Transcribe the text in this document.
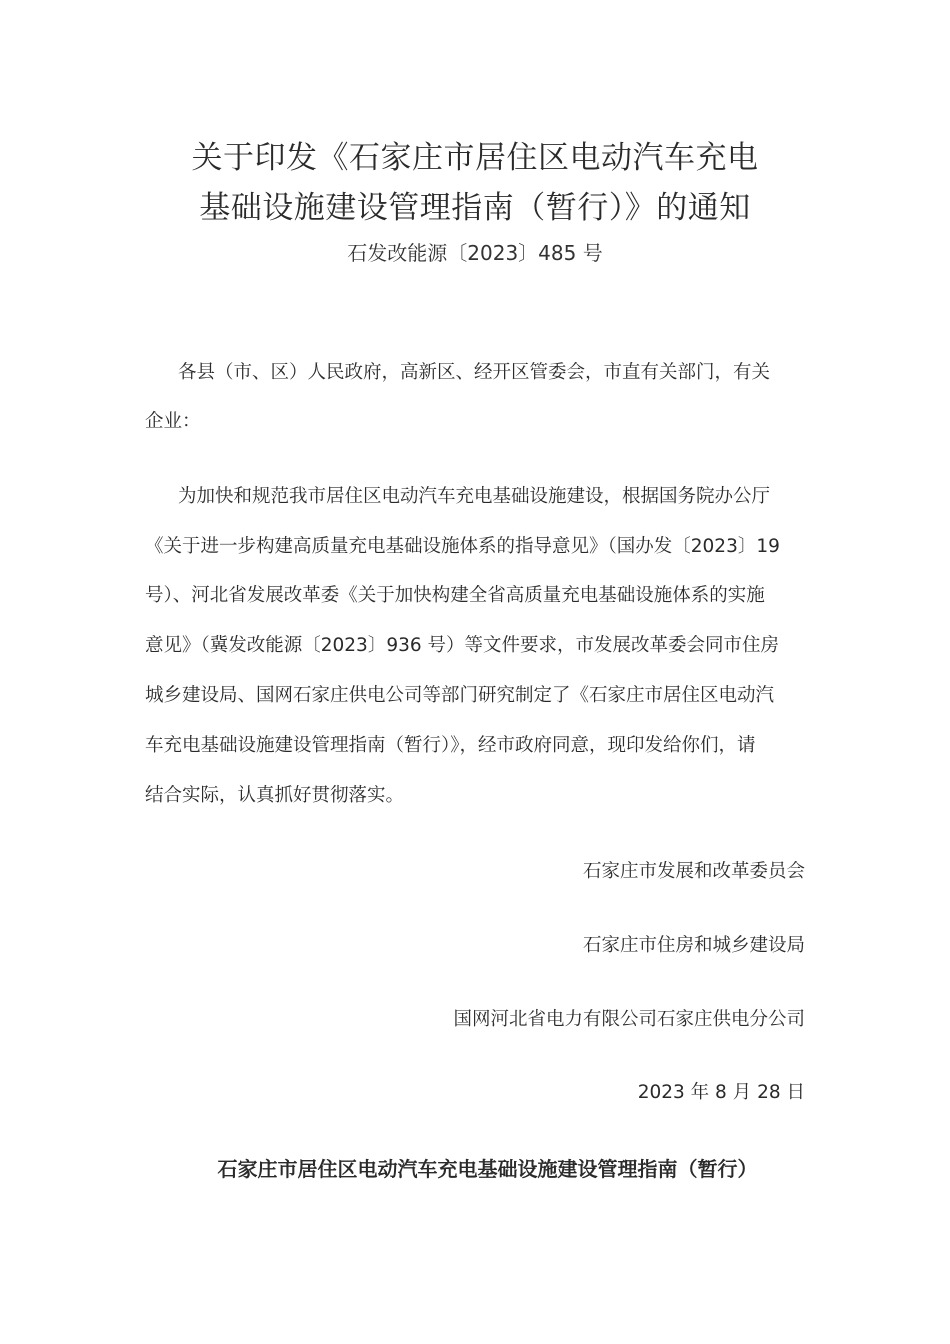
关于印发《石家庄市居住区电动汽车充电
基础设施建设管理指南（暂行）》的通知
石发改能源〔2023〕485 号
各县（市、区）人民政府，高新区、经开区管委会，市直有关部门，有关
企业：
为加快和规范我市居住区电动汽车充电基础设施建设，根据国务院办公厅
《关于进一步构建高质量充电基础设施体系的指导意见》（国办发〔2023〕19
号）、河北省发展改革委《关于加快构建全省高质量充电基础设施体系的实施
意见》（冀发改能源〔2023〕936 号）等文件要求，市发展改革委会同市住房
城乡建设局、国网石家庄供电公司等部门研究制定了《石家庄市居住区电动汽
车充电基础设施建设管理指南（暂行）》，经市政府同意，现印发给你们，请
结合实际，认真抓好贯彻落实。
石家庄市发展和改革委员会
石家庄市住房和城乡建设局
国网河北省电力有限公司石家庄供电分公司
2023 年 8 月 28 日
石家庄市居住区电动汽车充电基础设施建设管理指南（暂行）
